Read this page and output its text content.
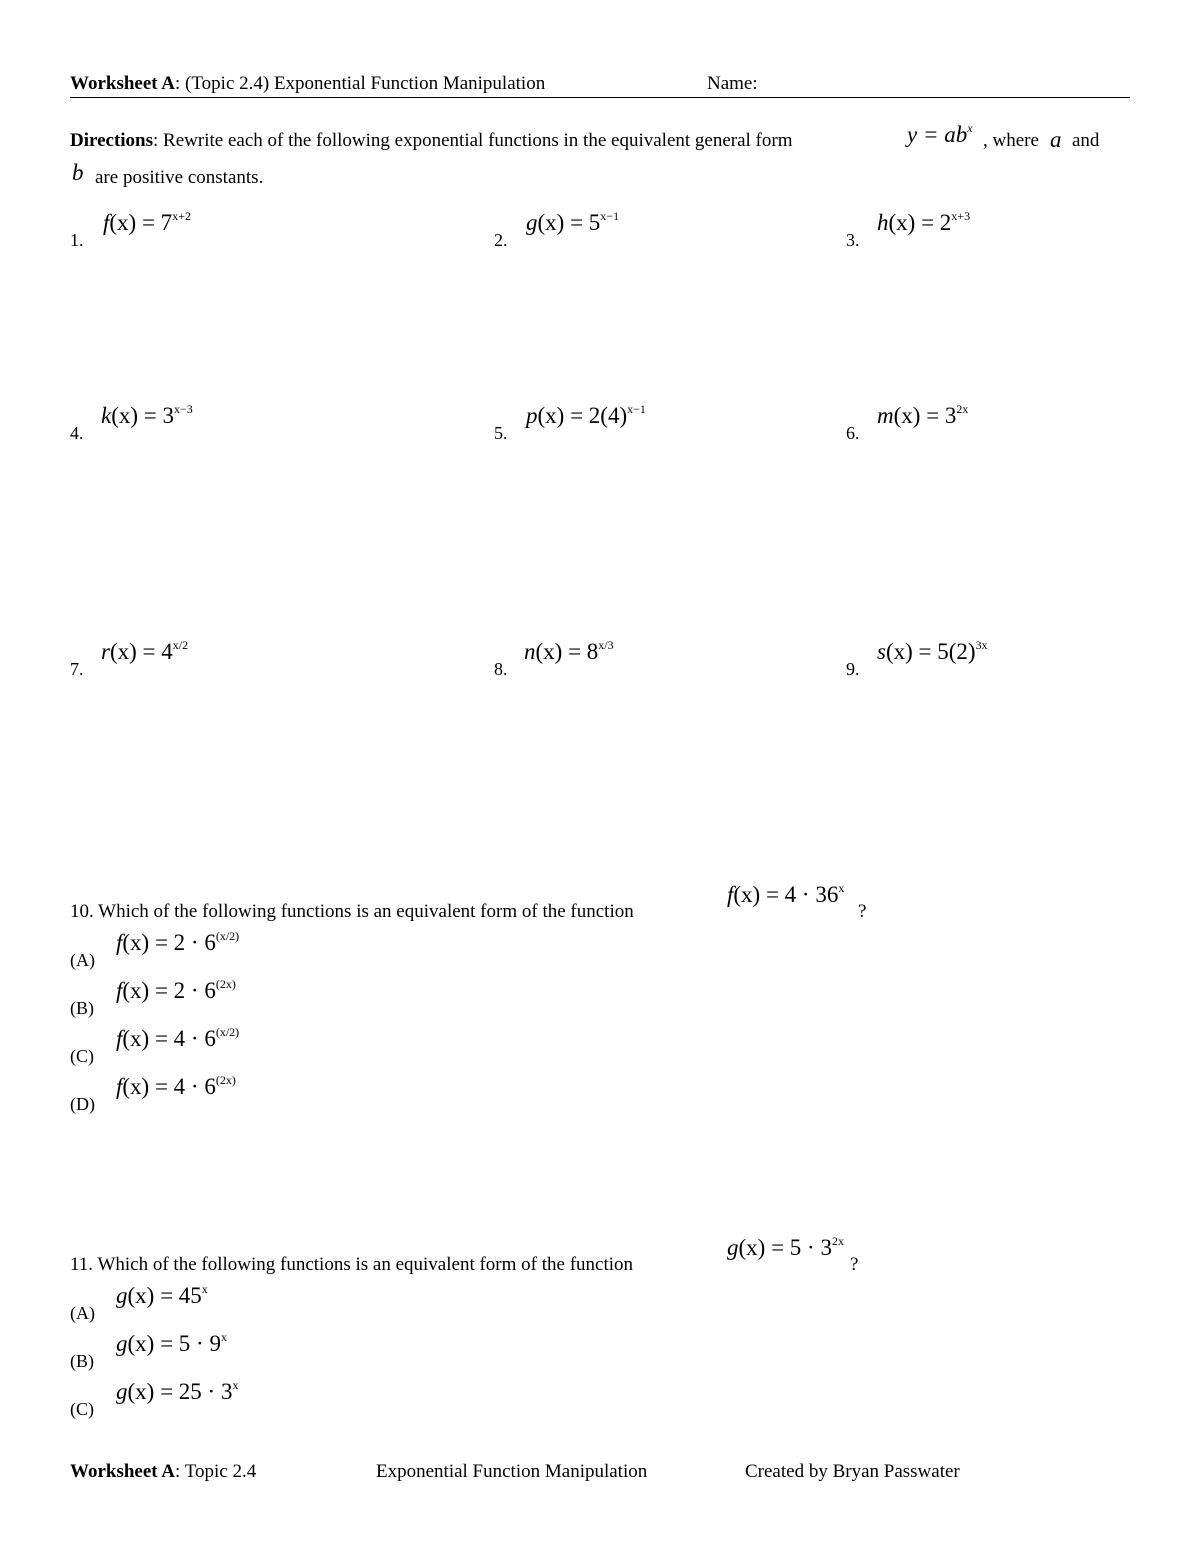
Worksheet A: (Topic 2.4) Exponential Function Manipulation	Name:
Directions: Rewrite each of the following exponential functions in the equivalent general form	$y = ab^x$
, where a and
b are positive constants.
1.
$f(x) = 7^{x+2}$
2.
$g(x) = 5^{x-1}$
3.
$h(x) = 2^{x+3}$
4.
$k(x) = 3^{x-3}$
5.
$p(x) = 2(4)^{x-1}$
6.
$m(x) = 3^{2x}$
7.
$r(x) = 4^{x/2}$
8.
$n(x) = 8^{x/3}$
9.
$s(x) = 5(2)^{3x}$
10. Which of the following functions is an equivalent form of the function
$f(x) = 4 \cdot 36^x$
?
(A)
$f(x) = 2 \cdot 6^{(x/2)}$
(B)
$f(x) = 2 \cdot 6^{(2x)}$
(C)
$f(x) = 4 \cdot 6^{(x/2)}$
(D)
$f(x) = 4 \cdot 6^{(2x)}$
11. Which of the following functions is an equivalent form of the function
$g(x) = 5 \cdot 3^{2x}$
?
(A)
$g(x) = 45^x$
(B)
$g(x) = 5 \cdot 9^x$
(C)
$g(x) = 25 \cdot 3^x$
Worksheet A: Topic 2.4	Exponential Function Manipulation	Created by Bryan Passwater
